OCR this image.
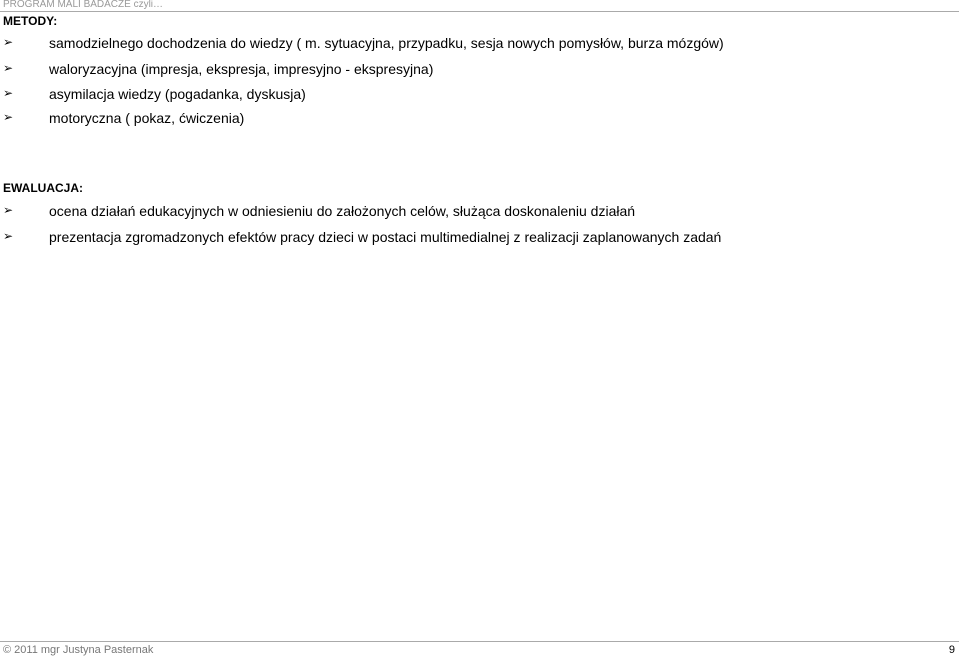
PROGRAM MALI BADACZE czyli…
METODY:
➢	samodzielnego dochodzenia do wiedzy ( m. sytuacyjna, przypadku, sesja nowych pomysłów, burza mózgów)
➢	waloryzacyjna (impresja, ekspresja, impresyjno - ekspresyjna)
➢	asymilacja wiedzy (pogadanka, dyskusja)
➢	motoryczna ( pokaz, ćwiczenia)
EWALUACJA:
➢	ocena działań edukacyjnych w odniesieniu do założonych celów, służąca doskonaleniu działań
➢	prezentacja zgromadzonych efektów pracy dzieci w postaci multimedialnej z realizacji zaplanowanych zadań
© 2011 mgr Justyna Pasternak	9
